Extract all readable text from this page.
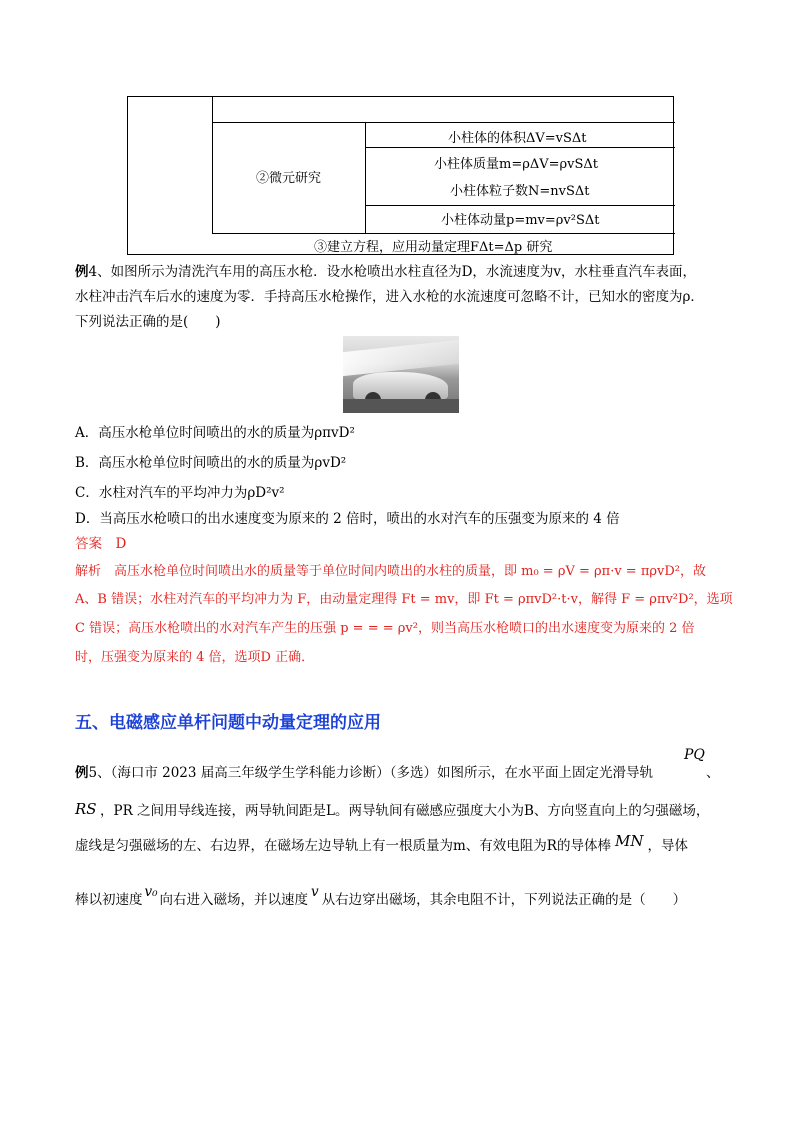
②微元研究
小柱体的体积ΔV=vSΔt
小柱体质量m=ρΔV=ρvSΔt
小柱体粒子数N=nvSΔt
小柱体动量p=mv=ρv²SΔt
③建立方程，应用动量定理FΔt=Δp 研究
例4、如图所示为清洗汽车用的高压水枪．设水枪喷出水柱直径为D，水流速度为v，水柱垂直汽车表面，
水柱冲击汽车后水的速度为零．手持高压水枪操作，进入水枪的水流速度可忽略不计，已知水的密度为ρ．
下列说法正确的是(　　)
A．高压水枪单位时间喷出的水的质量为ρπvD²
B．高压水枪单位时间喷出的水的质量为ρvD²
C．水柱对汽车的平均冲力为ρD²v²
D．当高压水枪喷口的出水速度变为原来的 2 倍时，喷出的水对汽车的压强变为原来的 4 倍
答案　D
解析　高压水枪单位时间喷出水的质量等于单位时间内喷出的水柱的质量，即 m₀ = ρV = ρπ·v = πρvD²，故
A、B 错误；水柱对汽车的平均冲力为 F，由动量定理得 Ft = mv，即 Ft = ρπvD²·t·v，解得 F = ρπv²D²，选项
C 错误；高压水枪喷出的水对汽车产生的压强 p = = = ρv²，则当高压水枪喷口的出水速度变为原来的 2 倍
时，压强变为原来的 4 倍，选项D 正确．
五、电磁感应单杆问题中动量定理的应用
例5、（海口市 2023 届高三年级学生学科能力诊断）（多选）如图所示，在水平面上固定光滑导轨
PQ
、
RS ，PR 之间用导线连接，两导轨间距是L。两导轨间有磁感应强度大小为B、方向竖直向上的匀强磁场，
虚线是匀强磁场的左、右边界，在磁场左边导轨上有一根质量为m、有效电阻为R的导体棒 MN ，导体
棒以初速度 v₀ 向右进入磁场，并以速度 v 从右边穿出磁场，其余电阻不计，下列说法正确的是（　　）
